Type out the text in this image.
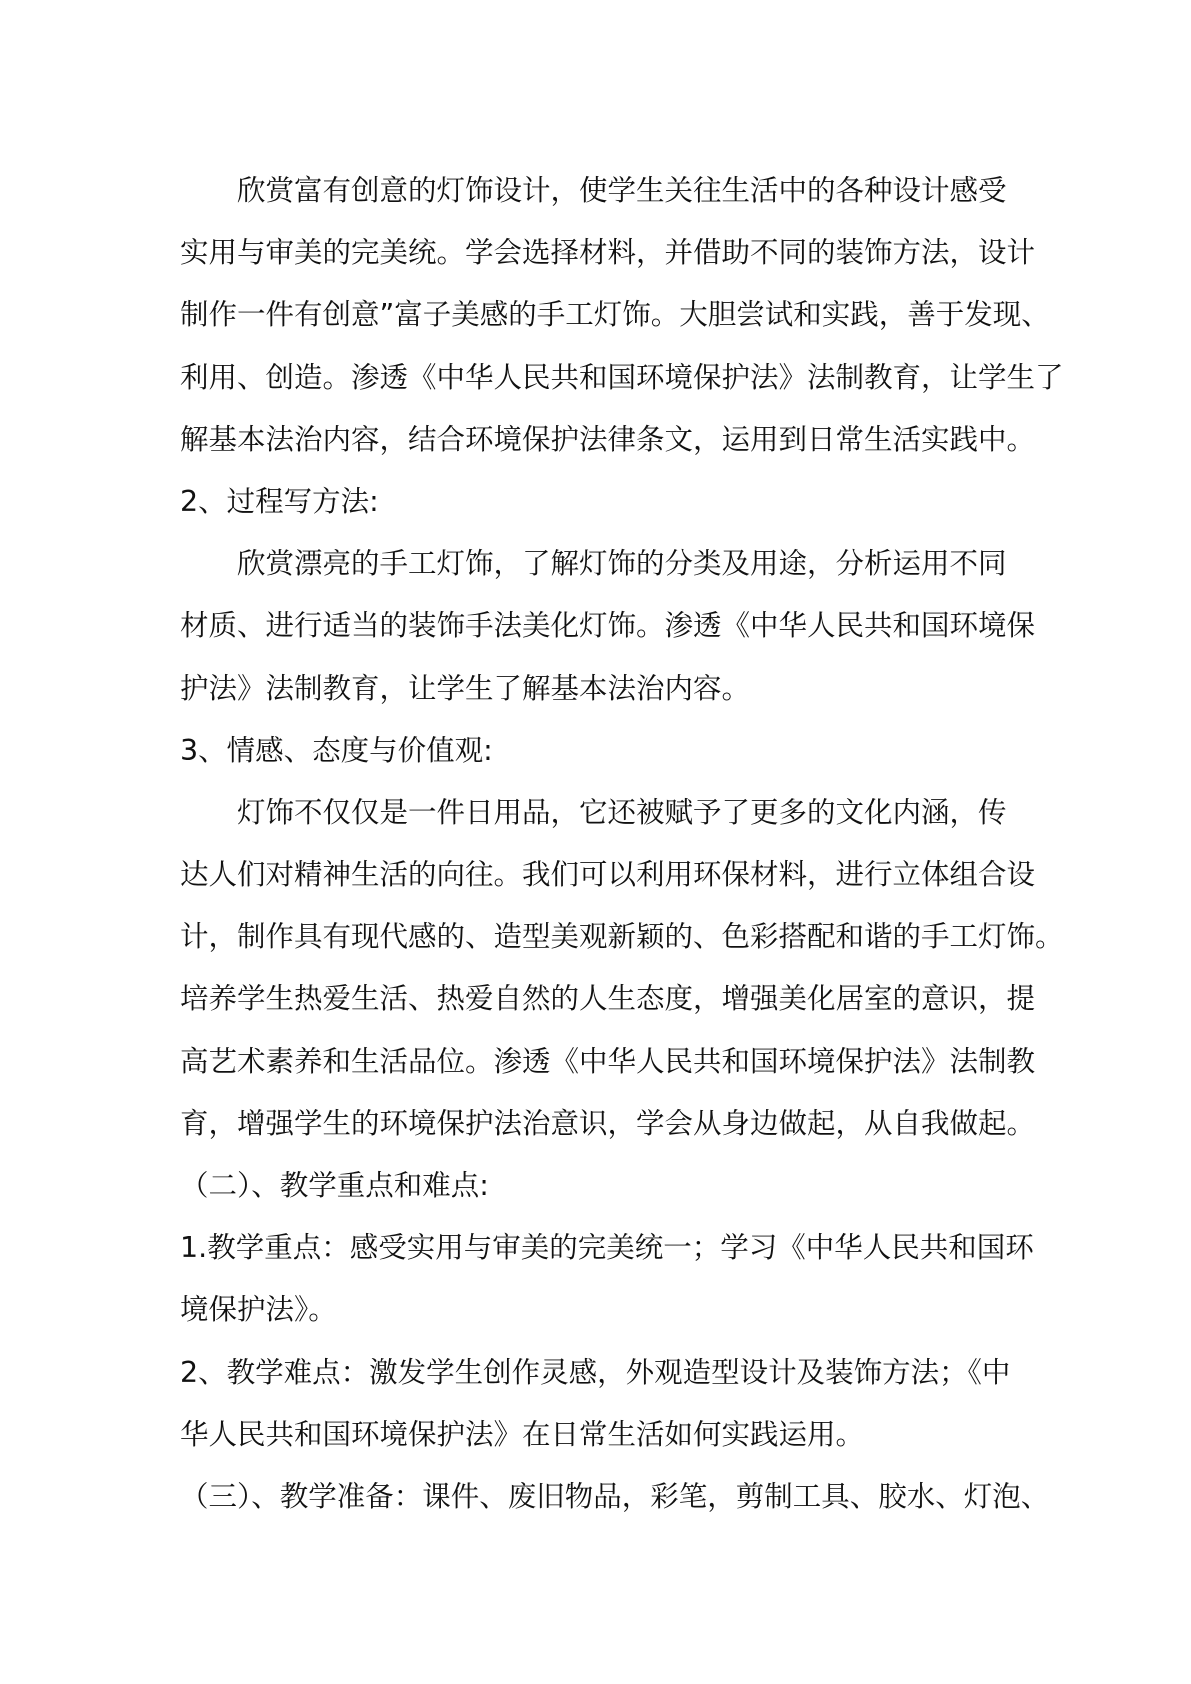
欣赏富有创意的灯饰设计，使学生关往生活中的各种设计感受
实用与审美的完美统。学会选择材料，并借助不同的装饰方法，设计
制作一件有创意”富子美感的手工灯饰。大胆尝试和实践，善于发现、
利用、创造。渗透《中华人民共和国环境保护法》法制教育，让学生了
解基本法治内容，结合环境保护法律条文，运用到日常生活实践中。
2、过程写方法:
欣赏漂亮的手工灯饰，了解灯饰的分类及用途，分析运用不同
材质、进行适当的装饰手法美化灯饰。渗透《中华人民共和国环境保
护法》法制教育，让学生了解基本法治内容。
3、情感、态度与价值观:
灯饰不仅仅是一件日用品，它还被赋予了更多的文化内涵，传
达人们对精神生活的向往。我们可以利用环保材料，进行立体组合设
计，制作具有现代感的、造型美观新颖的、色彩搭配和谐的手工灯饰。
培养学生热爱生活、热爱自然的人生态度，增强美化居室的意识，提
高艺术素养和生活品位。渗透《中华人民共和国环境保护法》法制教
育，增强学生的环境保护法治意识，学会从身边做起，从自我做起。
（二）、教学重点和难点:
1.教学重点：感受实用与审美的完美统一；学习《中华人民共和国环
境保护法》。
2、教学难点：激发学生创作灵感，外观造型设计及装饰方法；《中
华人民共和国环境保护法》在日常生活如何实践运用。
（三）、教学准备：课件、废旧物品，彩笔，剪制工具、胶水、灯泡、
